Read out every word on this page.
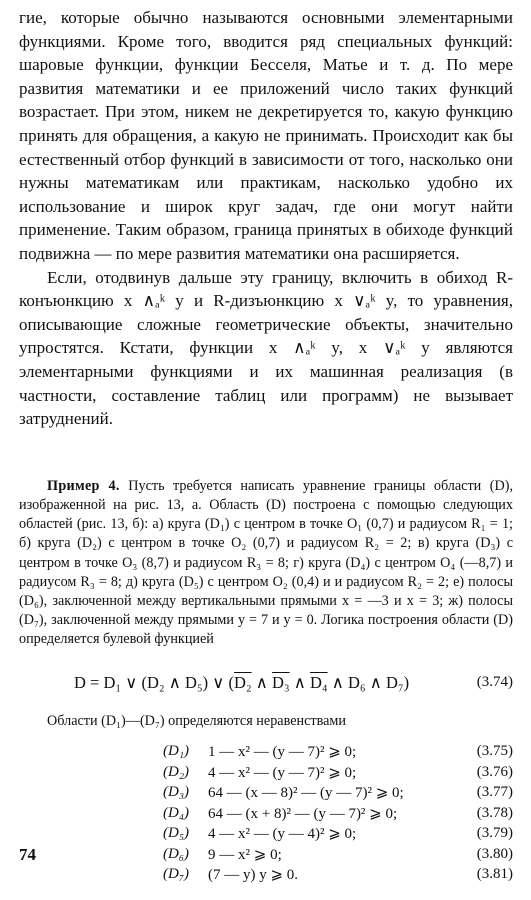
гие, которые обычно называются основными элементарными функциями. Кроме того, вводится ряд специальных функций: шаровые функции, функции Бесселя, Матье и т. д. По мере развития математики и ее приложений число таких функций возрастает. При этом, никем не декретируется то, какую функцию принять для обращения, а какую не принимать. Происходит как бы естественный отбор функций в зависимости от того, насколько они нужны математикам или практикам, насколько удобно их использование и широк круг задач, где они могут найти применение. Таким образом, граница принятых в обиходе функций подвижна — по мере развития математики она расширяется.

Если, отодвинув дальше эту границу, включить в обиход R-конъюнкцию x ∧ₐᵏ y и R-дизъюнкцию x ∨ₐᵏ y, то уравнения, описывающие сложные геометрические объекты, значительно упростятся. Кстати, функции x ∧ₐᵏ y, x ∨ₐᵏ y являются элементарными функциями и их машинная реализация (в частности, составление таблиц или программ) не вызывает затруднений.

Пример 4. Пусть требуется написать уравнение границы области (D), изображенной на рис. 13, а. Область (D) построена с помощью следующих областей (рис. 13, б): а) круга (D₁) с центром в точке O₁ (0,7) и радиусом R₁ = 1; б) круга (D₂) с центром в точке O₂ (0,7) и радиусом R₂ = 2; в) круга (D₃) с центром в точке O₃ (8,7) и радиусом R₃ = 8; г) круга (D₄) с центром O₄ (—8,7) и радиусом R₃ = 8; д) круга (D₅) с центром O₂ (0,4) и и радиусом R₂ = 2; е) полосы (D₆), заключенной между вертикальными прямыми x = —3 и x = 3; ж) полосы (D₇), заключенной между прямыми y = 7 и y = 0. Логика построения области (D) определяется булевой функцией

D = D₁ ∨ (D₂ ∧ D₅) ∨ (D₂ ∧ D₃ ∧ D₄ ∧ D₆ ∧ D₇)	(3.74)
Области (D₁)—(D₇) определяются неравенствами
(D₁)	1 — x² — (y — 7)² ⩾ 0;	(3.75)
(D₂)	4 — x² — (y — 7)² ⩾ 0;	(3.76)
(D₃)	64 — (x — 8)² — (y — 7)² ⩾ 0;	(3.77)
(D₄)	64 — (x + 8)² — (y — 7)² ⩾ 0;	(3.78)
(D₅)	4 — x² — (y — 4)² ⩾ 0;	(3.79)
(D₆)	9 — x² ⩾ 0;	(3.80)
(D₇)	(7 — y) y ⩾ 0.	(3.81)
74
